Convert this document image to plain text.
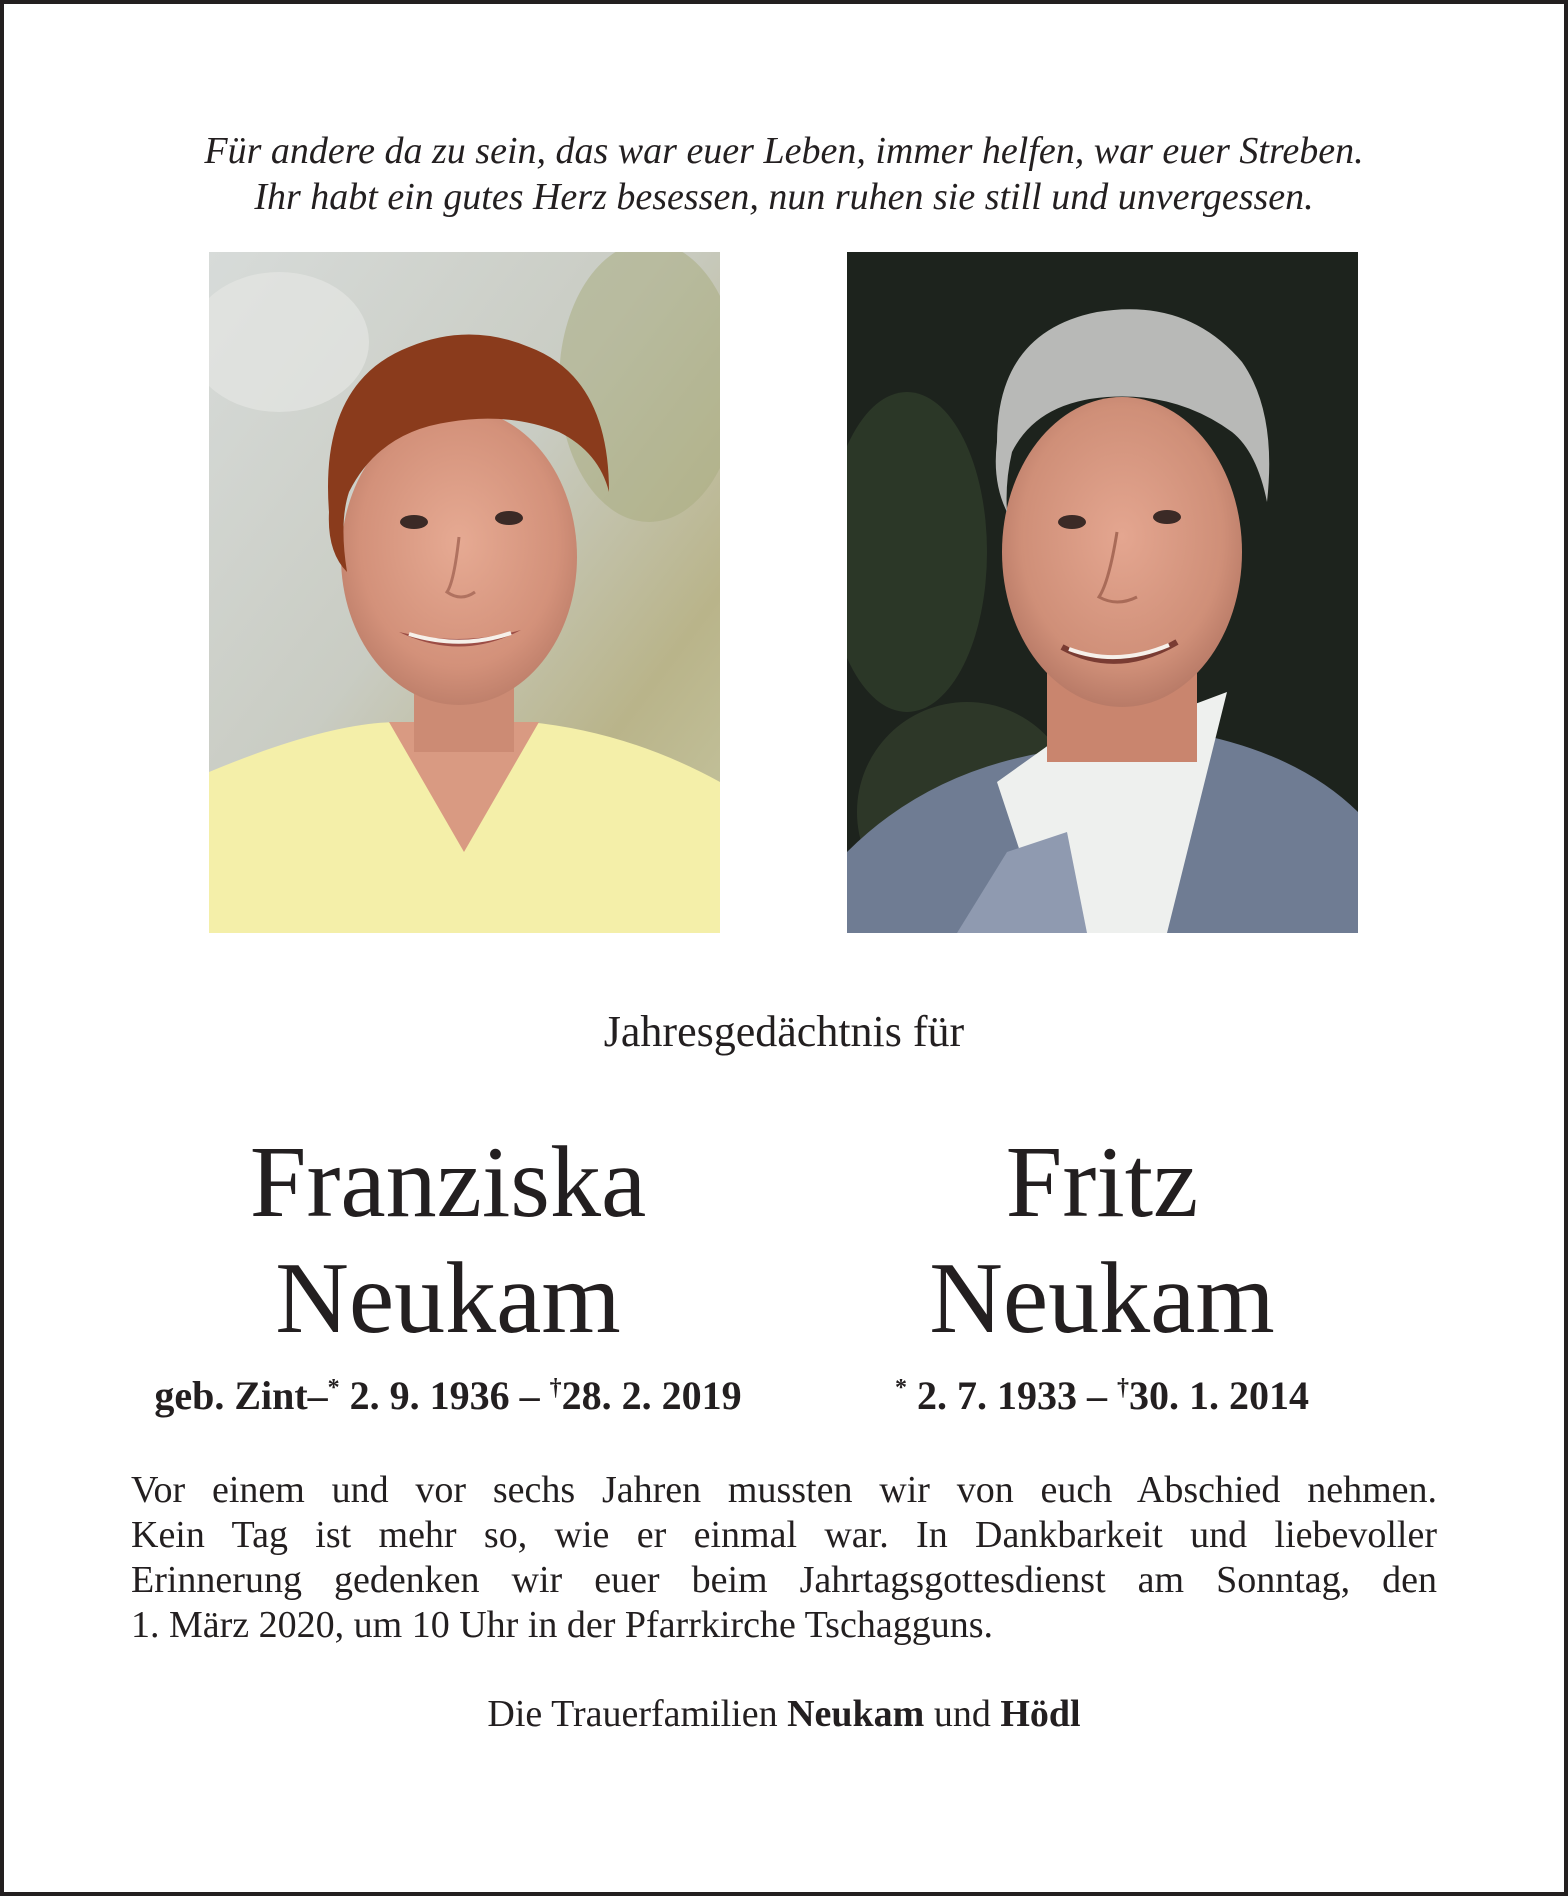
Für andere da zu sein, das war euer Leben, immer helfen, war euer Streben.
Ihr habt ein gutes Herz besessen, nun ruhen sie still und unvergessen.
Jahresgedächtnis für
Franziska
Neukam
Fritz
Neukam
geb. Zint–* 2. 9. 1936 – †28. 2. 2019	* 2. 7. 1933 – †30. 1. 2014
Vor einem und vor sechs Jahren mussten wir von euch Abschied nehmen.
Kein Tag ist mehr so, wie er einmal war. In Dankbarkeit und liebevoller
Erinnerung gedenken wir euer beim Jahrtagsgottesdienst am Sonntag, den
1. März 2020, um 10 Uhr in der Pfarrkirche Tschagguns.
Die Trauerfamilien Neukam und Hödl
